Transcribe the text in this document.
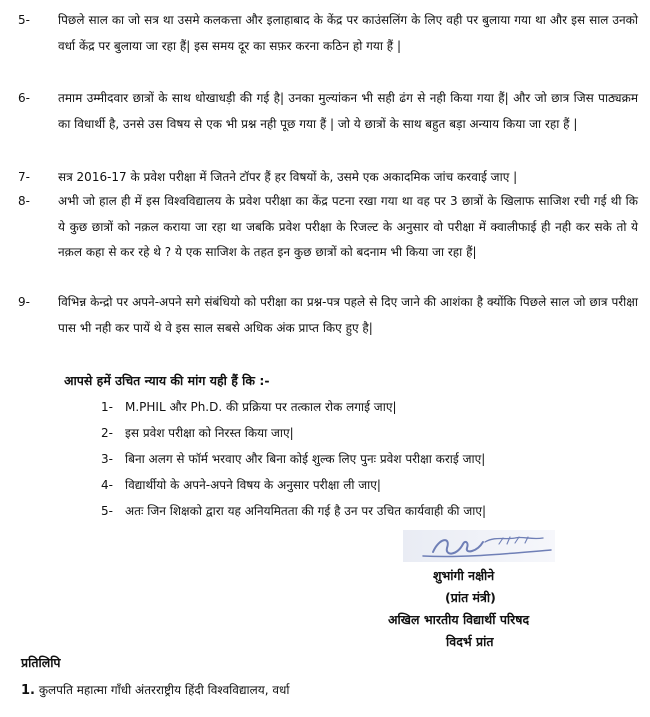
5-	पिछले साल का जो सत्र था उसमे कलकत्ता और इलाहाबाद के केंद्र पर काउंसलिंग के लिए वही पर बुलाया गया था और इस साल उनको वर्धा केंद्र पर बुलाया जा रहा हैं| इस समय दूर का सफ़र करना कठिन हो गया हैं |
6-	तमाम उम्मीदवार छात्रों के साथ धोखाधड़ी की गई है| उनका मुल्यांकन भी सही ढंग से नही किया गया हैं| और जो छात्र जिस पाठ्यक्रम का विधार्थी है, उनसे उस विषय से एक भी प्रश्न नही पूछ गया हैं | जो ये छात्रों के साथ बहुत बड़ा अन्याय किया जा रहा हैं |
7-	सत्र 2016-17 के प्रवेश परीक्षा में जितने टॉपर हैं हर विषयों के, उसमे एक अकादमिक जांच करवाई जाए |
8-	अभी जो हाल ही में इस विश्वविद्यालय के प्रवेश परीक्षा का केंद्र पटना रखा गया था वह पर 3 छात्रों के खिलाफ साजिश रची गई थी कि ये कुछ छात्रों को नक़ल कराया जा रहा था जबकि प्रवेश परीक्षा के रिजल्ट के अनुसार वो परीक्षा में क्वालीफाई ही नही कर सके तो ये नक़ल कहा से कर रहे थे ? ये एक साजिश के तहत इन कुछ छात्रों को बदनाम भी किया जा रहा हैं|
9-	विभिन्न केन्द्रो पर अपने-अपने सगे संबंधियो को परीक्षा का प्रश्न-पत्र पहले से दिए जाने की आशंका है क्योंकि पिछले साल जो छात्र परीक्षा पास भी नही कर पायें थे वे इस साल सबसे अधिक अंक प्राप्त किए हुए है|
आपसे हमें उचित न्याय की मांग यही हैं कि :-
1- M.PHIL और Ph.D. की प्रक्रिया पर तत्काल रोक लगाई जाए|
2- इस प्रवेश परीक्षा को निरस्त किया जाए|
3- बिना अलग से फॉर्म भरवाए और बिना कोई शुल्क लिए पुनः प्रवेश परीक्षा कराई जाए|
4- विद्यार्थीयो के अपने-अपने विषय के अनुसार परीक्षा ली जाए|
5- अतः जिन शिक्षको द्वारा यह अनियमितता की गई है उन पर उचित कार्यवाही की जाए|
शुभांगी नक्षीने
(प्रांत मंत्री)
अखिल भारतीय विद्यार्थी परिषद
विदर्भ प्रांत
प्रतिलिपि
1. कुलपति महात्मा गाँधी अंतरराष्ट्रीय हिंदी विश्वविद्यालय, वर्धा
